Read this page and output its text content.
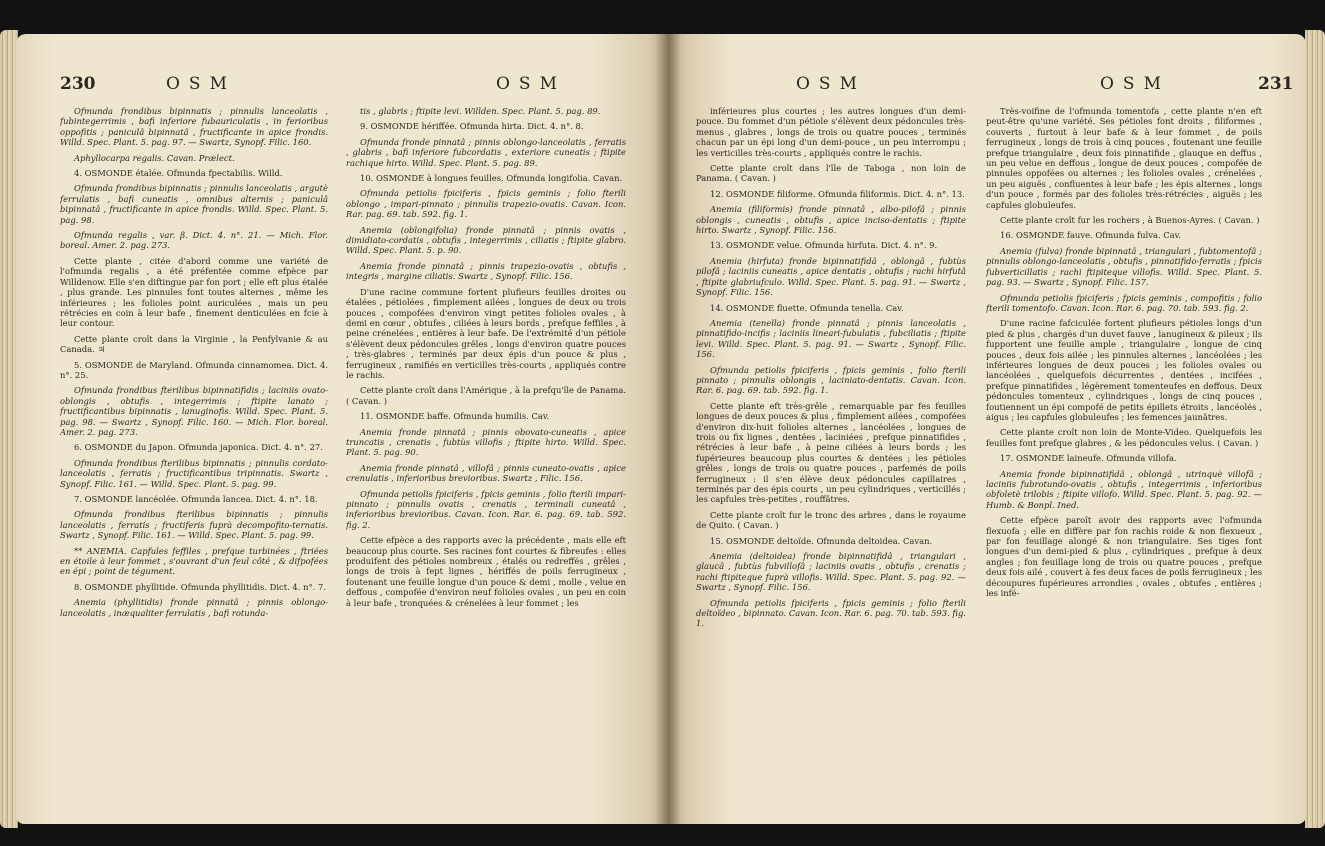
230	OSM	OSM

Ofmunda frondibus bipinnatis ; pinnulis lanceolatis , fubintegerrimis , bafi inferiore fubauriculatis , in ferioribus oppofitis ; paniculâ bipinnatâ , fructificante in apice frondis. Willd. Spec. Plant. 5. pag. 97. — Swartz, Synopf. Filic. 160.

Aphyllocarpa regalis. Cavan. Prælect.

4. OSMONDE étalée. Ofmunda fpectabilis. Willd.

Ofmunda frondibus bipinnatis ; pinnulis lanceolatis , argutè ferrulatis , bafi cuneatis , omnibus alternis ; paniculâ bipinnatâ , fructificante in apice frondis. Willd. Spec. Plant. 5. pag. 98.

Ofmunda regalis , var. β. Dict. 4. n°. 21. — Mich. Flor. boreal. Amer. 2. pag. 273.

Cette plante , citée d'abord comme une variété de l'ofmunda regalis , a été préfentée comme efpèce par Willdenow. Elle s'en diftingue par fon port ; elle eft plus étalée , plus grande. Les pinnules font toutes alternes , même les inférieures ; les folioles point auriculées , mais un peu rétrécies en coin à leur bafe , finement denticulées en fcie à leur contour.

Cette plante croît dans la Virginie , la Penfylvanie & au Canada. ♃

5. OSMONDE de Maryland. Ofmunda cinnamomea. Dict. 4. n°. 25.

Ofmunda frondibus fterilibus bipinnatifidis ; laciniis ovato-oblongis , obtufis , integerrimis ; ftipite lanato ; fructificantibus bipinnatis , lanuginofis. Willd. Spec. Plant. 5. pag. 98. — Swartz , Synopf. Filic. 160. — Mich. Flor. boreal. Amer. 2. pag. 273.

6. OSMONDE du Japon. Ofmunda japonica. Dict. 4. n°. 27.

Ofmunda frondibus fterilibus bipinnatis ; pinnulis cordato-lanceolatis , ferratis ; fructificantibus tripinnatis. Swartz , Synopf. Filic. 161. — Willd. Spec. Plant. 5. pag. 99.

7. OSMONDE lancéolée. Ofmunda lancea. Dict. 4. n°. 18.

Ofmunda frondibus fterilibus bipinnatis ; pinnulis lanceolatis , ferratis ; fructiferis fuprà decompofito-ternatis. Swartz , Synopf. Filic. 161. — Willd. Spec. Plant. 5. pag. 99.

** ANEMIA. Capfules feffiles , prefque turbinées , ftriées en étoile à leur fommet , s'ouvrant d'un feul côté , & difpofées en épi ; point de tégument.

8. OSMONDE phyllitide. Ofmunda phyllitidis. Dict. 4. n°. 7.

Anemia (phyllitidis) fronde pinnatâ ; pinnis oblongo-lanceolatis , inæqualiter ferrulatis , bafi rotunda-

tis , glabris ; ftipite levi. Willden. Spec. Plant. 5. pag. 89.

9. OSMONDE hériffée. Ofmunda hirta. Dict. 4. n°. 8.

Ofmunda fronde pinnatâ ; pinnis oblongo-lanceolatis , ferratis , glabris , bafi inferiore fubcordatis , exteriore cuneatis ; ftipite rachique hirto. Willd. Spec. Plant. 5. pag. 89.

10. OSMONDE à longues feuilles. Ofmunda longifolia. Cavan.

Ofmunda petiolis fpiciferis , fpicis geminis ; folio fterili oblongo , impari-pinnato ; pinnulis trapezio-ovatis. Cavan. Icon. Rar. pag. 69. tab. 592. fig. 1.

Anemia (oblongifolia) fronde pinnatâ ; pinnis ovatis , dimidiato-cordatis , obtufis , integerrimis , ciliatis ; ftipite glabro. Willd. Spec. Plant. 5. p. 90.

Anemia fronde pinnatâ ; pinnis trapezio-ovatis , obtufis , integris , margine ciliatis. Swartz , Synopf. Filic. 156.

D'une racine commune fortent plufieurs feuilles droites ou étalées , pétiolées , fimplement ailées , longues de deux ou trois pouces , compofées d'environ vingt petites folioles ovales , à demi en cœur , obtufes , ciliées à leurs bords , prefque feffiles , à peine crénelées , entières à leur bafe. De l'extrémité d'un pétiole s'élèvent deux pédoncules grêles , longs d'environ quatre pouces , très-glabres , terminés par deux épis d'un pouce & plus , ferrugineux , ramifiés en verticilles très-courts , appliqués contre le rachis.

Cette plante croît dans l'Amérique , à la prefqu'île de Panama. ( Cavan. )

11. OSMONDE baffe. Ofmunda humilis. Cav.

Anemia fronde pinnatâ ; pinnis obovato-cuneatis , apice truncatis , crenatis , fubtùs villofis ; ftipite hirto. Willd. Spec. Plant. 5. pag. 90.

Anemia fronde pinnatâ , villofâ ; pinnis cuneato-ovatis , apice crenulatis , inferioribus brevioribus. Swartz , Filic. 156.

Ofmunda petiolis fpiciferis , fpicis geminis , folio fterili impari-pinnato ; pinnulis ovatis , crenatis , terminali cuneatâ , inferioribus brevioribus. Cavan. Icon. Rar. 6. pag. 69. tab. 592. fig. 2.

Cette efpèce a des rapports avec la précédente , mais elle eft beaucoup plus courte. Ses racines font courtes & fibreufes : elles produifent des pétioles nombreux , étalés ou redreffés , grêles , longs de trois à fept lignes , hériffés de poils ferrugineux , foutenant une feuille longue d'un pouce & demi , molle , velue en deffous , compofée d'environ neuf folioles ovales , un peu en coin à leur bafe , tronquées & crénelées à leur fommet ; les

OSM	OSM	231

inférieures plus courtes ; les autres longues d'un demi-pouce. Du fommet d'un pétiole s'élèvent deux pédoncules très-menus , glabres , longs de trois ou quatre pouces , terminés chacun par un épi long d'un demi-pouce , un peu interrompu ; les verticilles très-courts , appliqués contre le rachis.

Cette plante croît dans l'île de Taboga , non loin de Panama. ( Cavan. )

12. OSMONDE filiforme. Ofmunda filiformis. Dict. 4. n°. 13.

Anemia (filiformis) fronde pinnatâ , albo-pilofâ ; pinnis oblongis , cuneatis , obtufis , apice inciso-dentatis ; ftipite hirto. Swartz , Synopf. Filic. 156.

13. OSMONDE velue. Ofmunda hirfuta. Dict. 4. n°. 9.

Anemia (hirfuta) fronde bipinnatifidâ , oblongâ , fubtùs pilofâ ; laciniis cuneatis , apice dentatis , obtufis ; rachi hirfutâ , ftipite glabriufculo. Willd. Spec. Plant. 5. pag. 91. — Swartz , Synopf. Filic. 156.

14. OSMONDE fluette. Ofmunda tenella. Cav.

Anemia (tenella) fronde pinnatâ ; pinnis lanceolatis , pinnatifido-incifis ; laciniis lineari-fubulatis , fubciliatis ; ftipite levi. Willd. Spec. Plant. 5. pag. 91. — Swartz , Synopf. Filic. 156.

Ofmunda petiolis fpiciferis , fpicis geminis , folio fterili pinnato ; pinnulis oblongis , laciniato-dentatis. Cavan. Icon. Rar. 6. pag. 69. tab. 592. fig. 1.

Cette plante eft très-grêle , remarquable par fes feuilles longues de deux pouces & plus , fimplement ailées , compofées d'environ dix-huit folioles alternes , lancéolées , longues de trois ou fix lignes , dentées , laciniées , prefque pinnatifides , rétrécies à leur bafe , à peine ciliées à leurs bords ; les fupérieures beaucoup plus courtes & dentées ; les pétioles grêles , longs de trois ou quatre pouces , parfemés de poils ferrugineux : il s'en élève deux pédoncules capillaires , terminés par des épis courts , un peu cylindriques , verticillés ; les capfules très-petites , rouffâtres.

Cette plante croît fur le tronc des arbres , dans le royaume de Quito. ( Cavan. )

15. OSMONDE deltoïde. Ofmunda deltoidea. Cavan.

Anemia (deltoidea) fronde bipinnatifidâ , triangulari , glaucâ , fubtùs fubvillofâ ; laciniis ovatis , obtufis , crenatis ; rachi ftipiteque fuprà villofis. Willd. Spec. Plant. 5. pag. 92. — Swartz , Synopf. Filic. 156.

Ofmunda petiolis fpiciferis , fpicis geminis ; folio fterili deltoïdeo , bipinnato. Cavan. Icon. Rar. 6. pag. 70. tab. 593. fig. 1.

Très-voifine de l'ofmunda tomentofa , cette plante n'en eft peut-être qu'une variété. Ses pétioles font droits , filiformes , couverts , furtout à leur bafe & à leur fommet , de poils ferrugineux , longs de trois à cinq pouces , foutenant une feuille prefque triangulaire , deux fois pinnatifide , glauque en deffus , un peu velue en deffous , longue de deux pouces , compofée de pinnules oppofées ou alternes ; les folioles ovales , crénelées , un peu aiguës , confluentes à leur bafe ; les épis alternes , longs d'un pouce , formés par des folioles très-rétrécies , aiguës ; les capfules globuleufes.

Cette plante croît fur les rochers , à Buenos-Ayres. ( Cavan. )

16. OSMONDE fauve. Ofmunda fulva. Cav.

Anemia (fulva) fronde bipinnatâ , triangulari , fubtomentofâ ; pinnulis oblongo-lanceolatis , obtufis , pinnatifido-ferratis ; fpicis fubverticillatis ; rachi ftipiteque villofis. Willd. Spec. Plant. 5. pag. 93. — Swartz , Synopf. Filic. 157.

Ofmunda petiolis fpiciferis ; fpicis geminis , compofitis ; folio fterili tomentofo. Cavan. Icon. Rar. 6. pag. 70. tab. 593. fig. 2.

D'une racine fafciculée fortent plufieurs pétioles longs d'un pied & plus , chargés d'un duvet fauve , lanugineux & pileux ; ils fupportent une feuille ample , triangulaire , longue de cinq pouces , deux fois ailée ; les pinnules alternes , lancéolées ; les inférieures longues de deux pouces ; les folioles ovales ou lancéolées , quelquefois décurrentes , dentées , incifées , prefque pinnatifides , légèrement tomenteufes en deffous. Deux pédoncules tomenteux , cylindriques , longs de cinq pouces , foutiennent un épi compofé de petits épillets étroits , lancéolés , aigus ; les capfules globuleufes ; les femences jaunâtres.

Cette plante croît non loin de Monte-Video. Quelquefois les feuilles font prefque glabres , & les pédoncules velus. ( Cavan. )

17. OSMONDE laineufe. Ofmunda villofa.

Anemia fronde bipinnatifidâ , oblongâ , utrinquè villofâ ; laciniis fubrotundo-ovatis , obtufis , integerrimis , inferioribus obfoletè trilobis ; ftipite villofo. Willd. Spec. Plant. 5. pag. 92. — Humb. & Bonpl. Ined.

Cette efpèce paroît avoir des rapports avec l'ofmunda flexuofa ; elle en diffère par fon rachis roide & non flexueux , par fon feuillage alongé & non triangulaire. Ses tiges font longues d'un demi-pied & plus , cylindriques , prefque à deux angles ; fon feuillage long de trois ou quatre pouces , prefque deux fois ailé , couvert à fes deux faces de poils ferrugineux ; les découpures fupérieures arrondies , ovales , obtufes , entières ; les infé-
